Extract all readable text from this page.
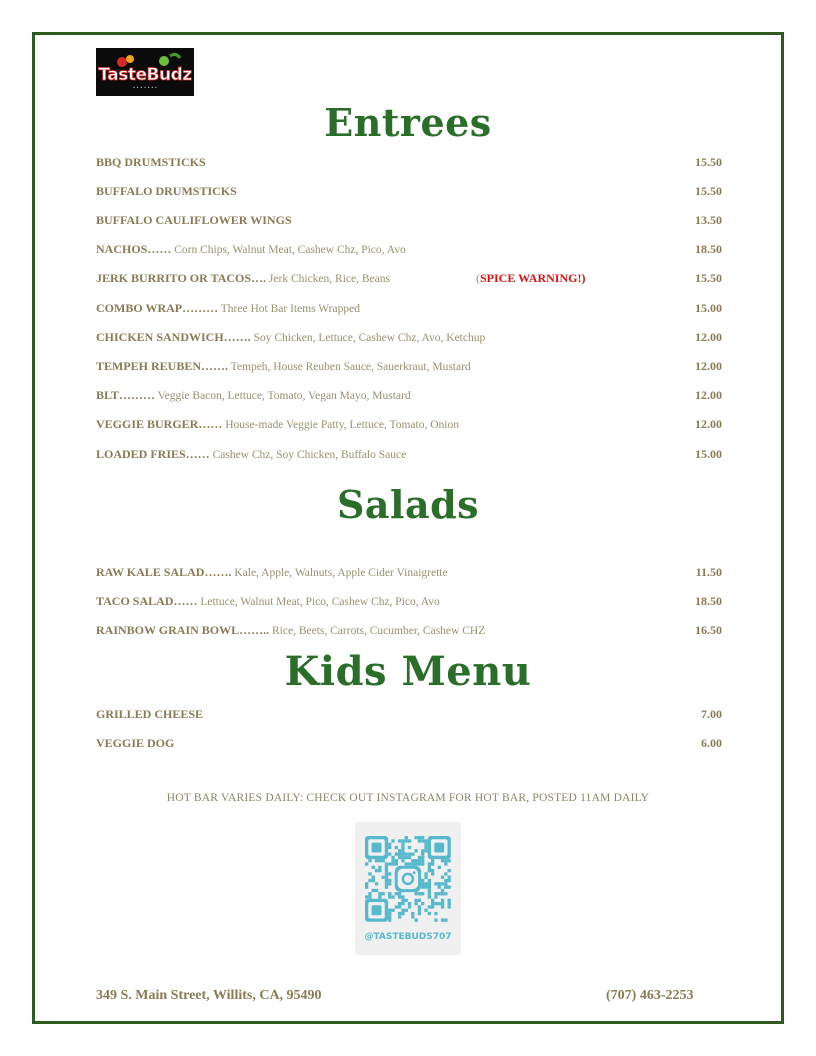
TasteBudz
• • • • • • •
Entrees
BBQ DRUMSTICKS	15.50
BUFFALO DRUMSTICKS	15.50
BUFFALO CAULIFLOWER WINGS	13.50
NACHOS…… Corn Chips, Walnut Meat, Cashew Chz, Pico, Avo	18.50
JERK BURRITO OR TACOS…. Jerk Chicken, Rice, Beans	(SPICE WARNING!)	15.50
COMBO WRAP……… Three Hot Bar Items Wrapped	15.00
CHICKEN SANDWICH……. Soy Chicken, Lettuce, Cashew Chz, Avo, Ketchup	12.00
TEMPEH REUBEN……. Tempeh, House Reuben Sauce, Sauerkraut, Mustard	12.00
BLT……… Veggie Bacon, Lettuce, Tomato, Vegan Mayo, Mustard	12.00
VEGGIE BURGER…… House-made Veggie Patty, Lettuce, Tomato, Onion	12.00
LOADED FRIES…… Cashew Chz, Soy Chicken, Buffalo Sauce	15.00
Salads
RAW KALE SALAD……. Kale, Apple, Walnuts, Apple Cider Vinaigrette	11.50
TACO SALAD…… Lettuce, Walnut Meat, Pico, Cashew Chz, Pico, Avo	18.50
RAINBOW GRAIN BOWL…….. Rice, Beets, Carrots, Cucumber, Cashew CHZ	16.50
Kids Menu
GRILLED CHEESE	7.00
VEGGIE DOG	6.00
HOT BAR VARIES DAILY: CHECK OUT INSTAGRAM FOR HOT BAR, POSTED 11AM DAILY
@TASTEBUDS707
349 S. Main Street, Willits, CA, 95490	(707) 463-2253
